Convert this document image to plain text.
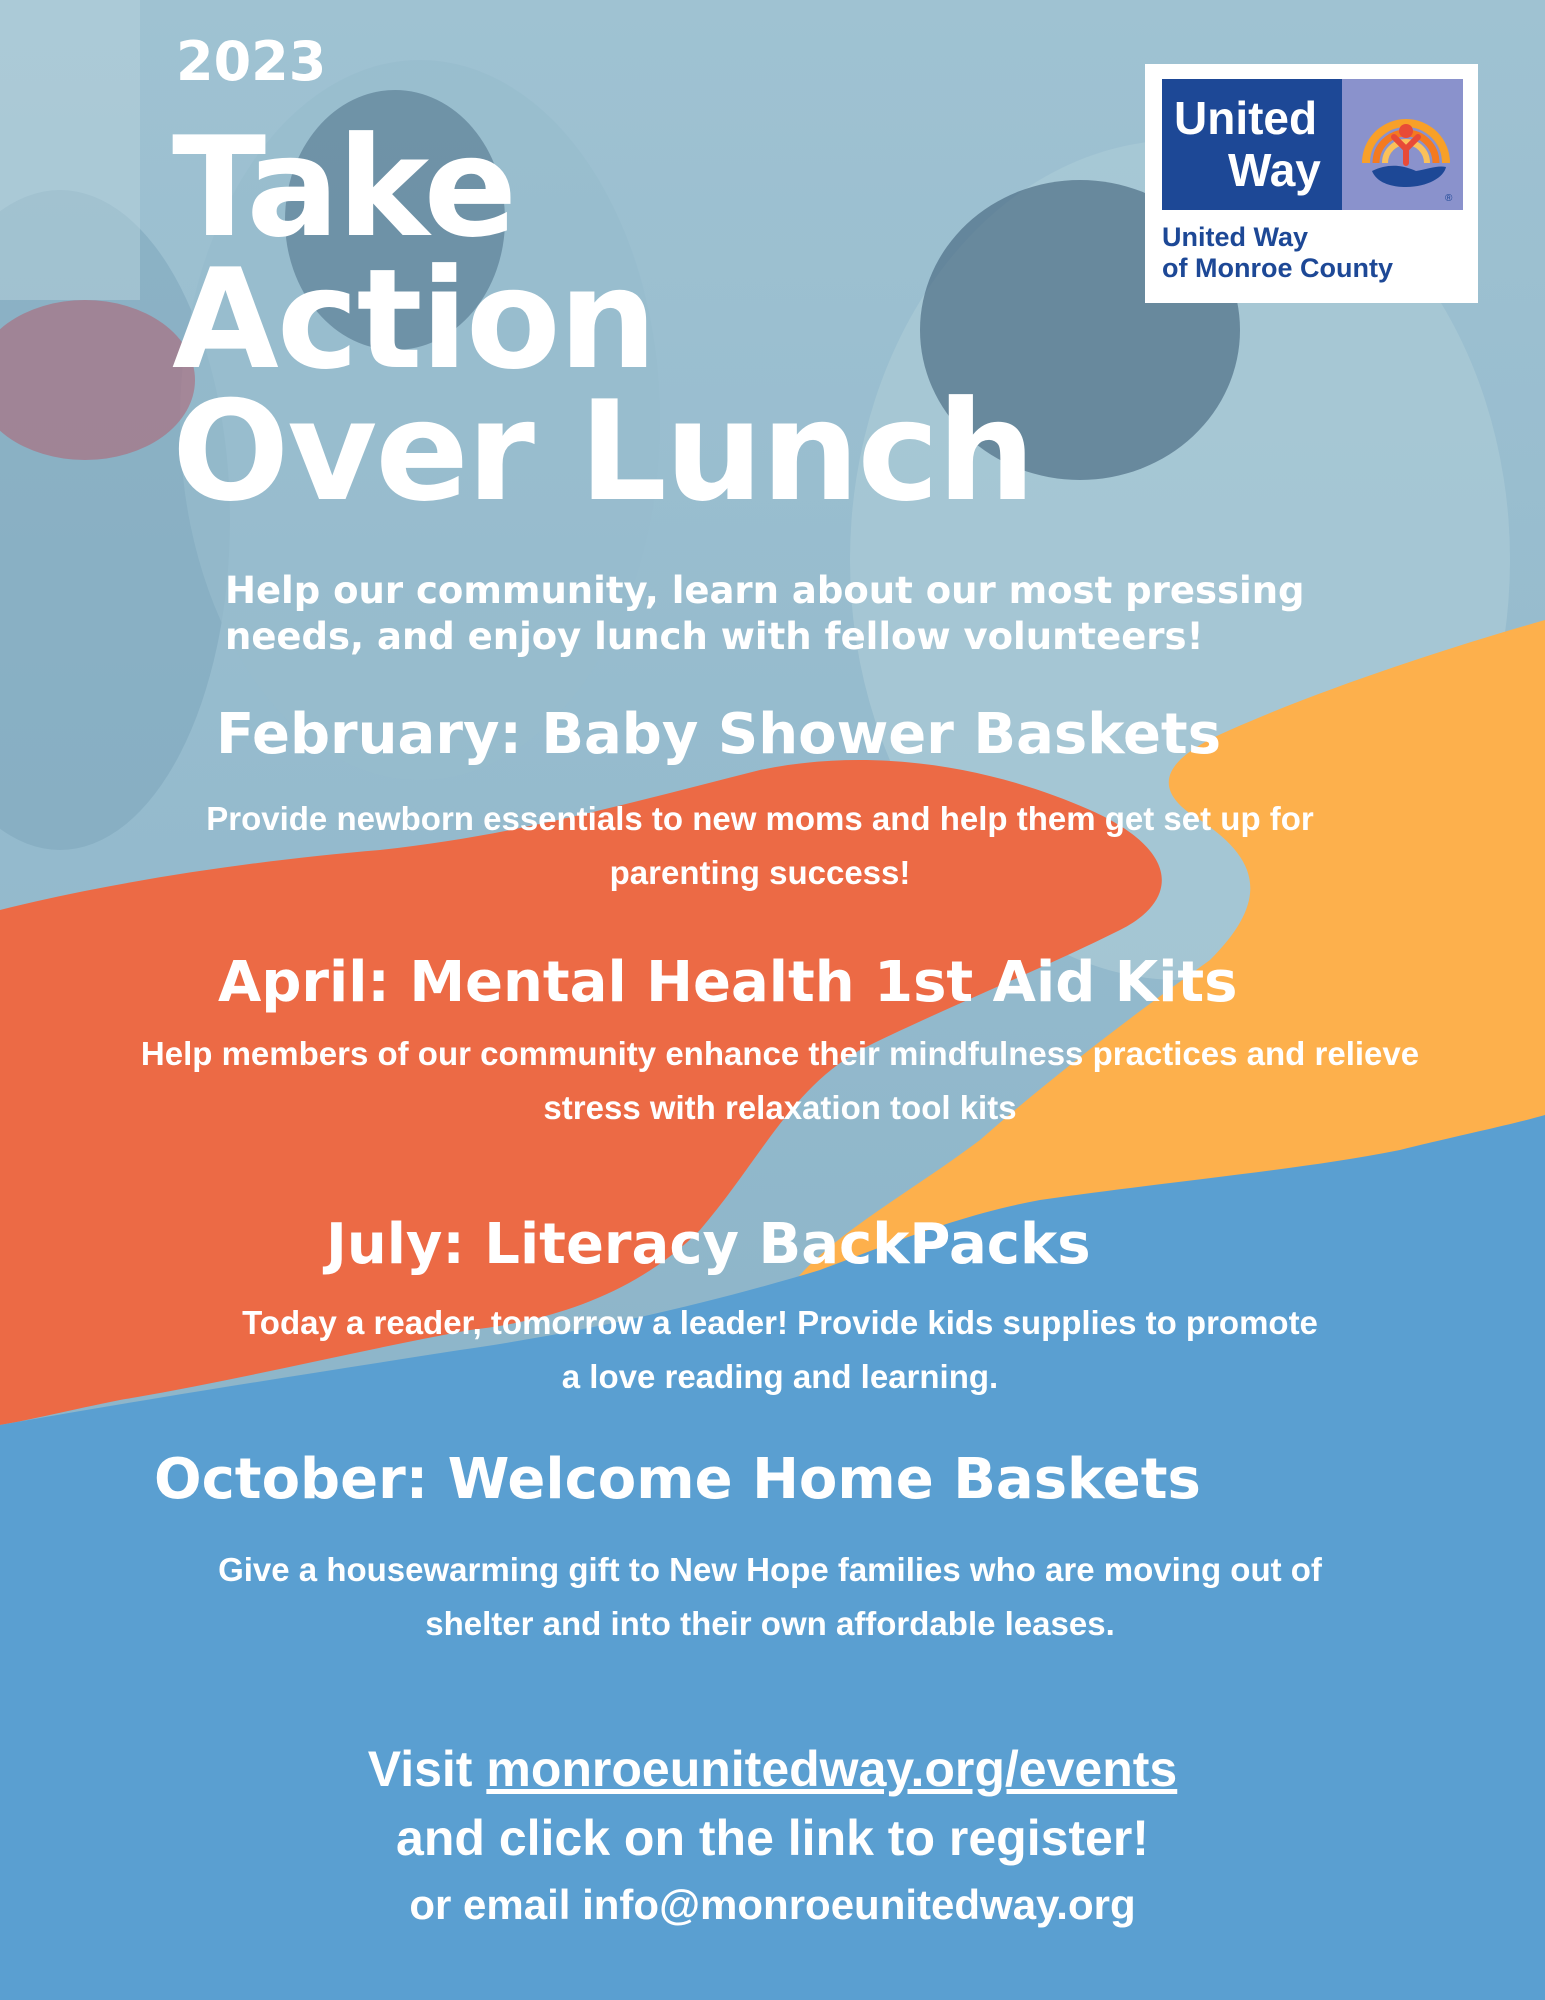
United
Way
®
United Way
of Monroe County
2023
Take
Action
Over Lunch
Help our community, learn about our most pressing
needs, and enjoy lunch with fellow volunteers!
February: Baby Shower Baskets
Provide newborn essentials to new moms and help them get set up for parenting success!
April: Mental Health 1st Aid Kits
Help members of our community enhance their mindfulness practices and relieve stress with relaxation tool kits
July: Literacy BackPacks
Today a reader, tomorrow a leader! Provide kids supplies to promote a love reading and learning.
October: Welcome Home Baskets
Give a housewarming gift to New Hope families who are moving out of shelter and into their own affordable leases.
Visit monroeunitedway.org/events
and click on the link to register!
or email info@monroeunitedway.org
